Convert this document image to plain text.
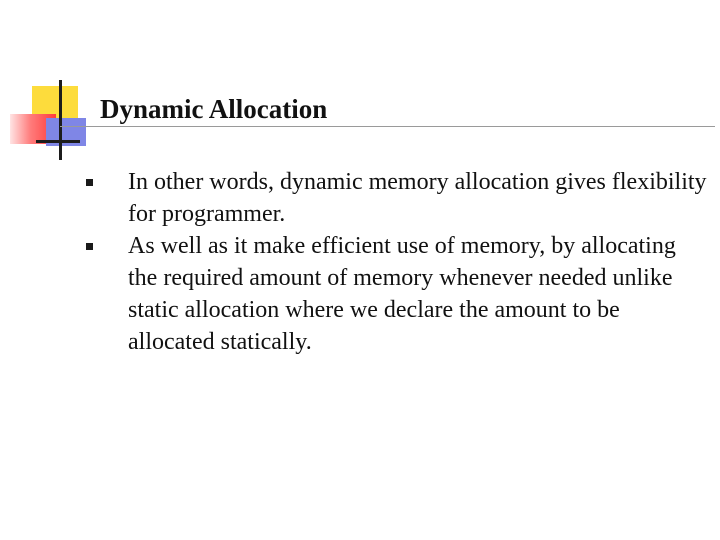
Dynamic Allocation
In other words, dynamic memory allocation gives flexibility for programmer.
As well as it make efficient use of memory, by allocating the required amount of memory whenever needed unlike static allocation where we declare the amount to be allocated statically.
